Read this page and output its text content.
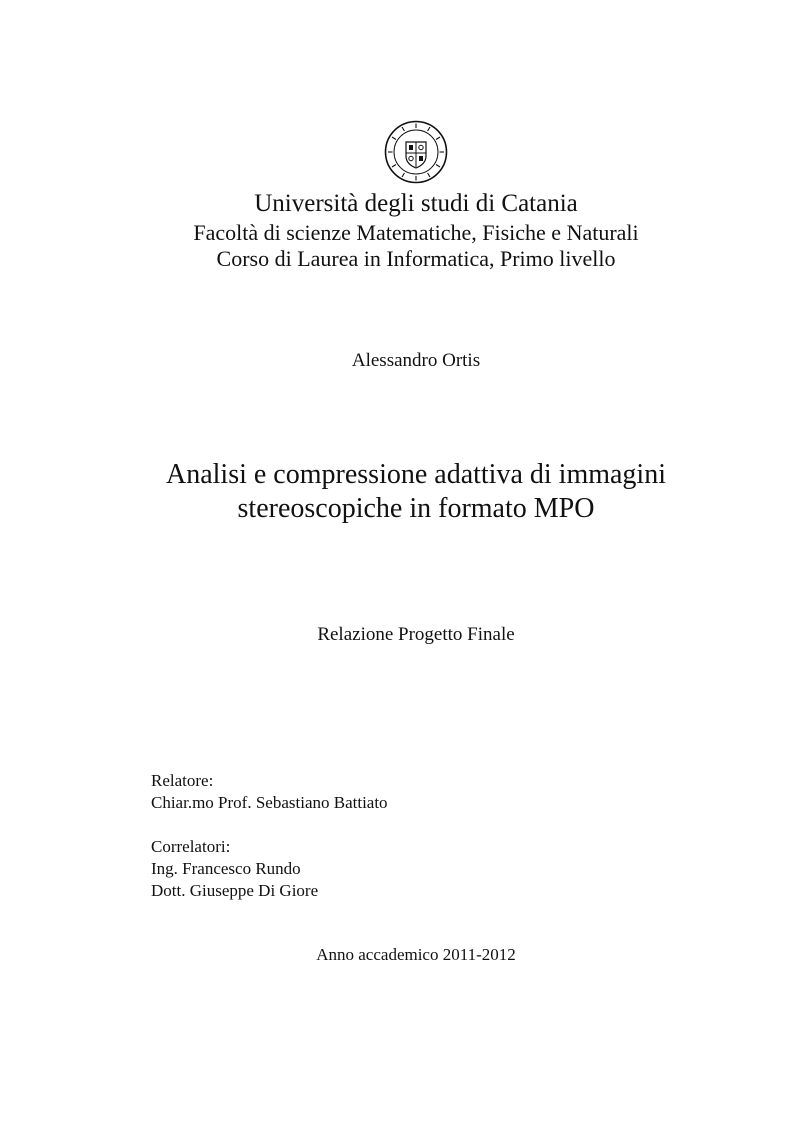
Università degli studi di Catania

Facoltà di scienze Matematiche, Fisiche e Naturali

Corso di Laurea in Informatica, Primo livello

Alessandro Ortis

Analisi e compressione adattiva di immagini

stereoscopiche in formato MPO

Relazione Progetto Finale

Relatore:

Chiar.mo Prof. Sebastiano Battiato

Correlatori:

Ing. Francesco Rundo

Dott. Giuseppe Di Giore

Anno accademico 2011-2012
